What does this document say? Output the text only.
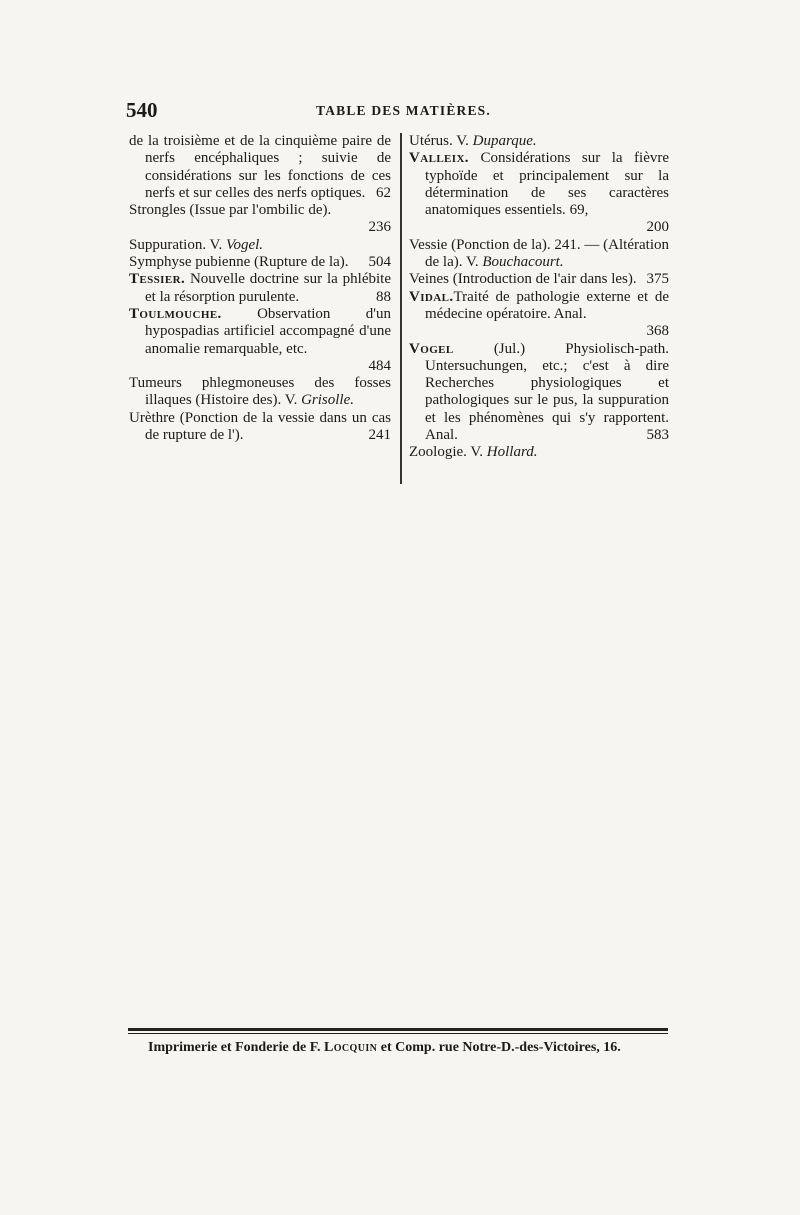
540	TABLE DES MATIÈRES.

de la troisième et de la cinquième paire de nerfs encéphaliques ; suivie de considérations sur les fonctions de ces nerfs et sur celles des nerfs optiques. 62

Strongles (Issue par l'ombilic de).
236

Suppuration. V. Vogel.

Symphyse pubienne (Rupture de la).	504

Tessier. Nouvelle doctrine sur la phlébite et la résorption purulente.	88

Toulmouche. Observation d'un hypospadias artificiel accompagné d'une anomalie remarquable, etc.
484

Tumeurs phlegmoneuses des fosses illaques (Histoire des). V. Grisolle.

Urèthre (Ponction de la vessie dans un cas de rupture de l').	241

Utérus. V. Duparque.

Valleix. Considérations sur la fièvre typhoïde et principalement sur la détermination de ses caractères anatomiques essentiels. 69,
200

Vessie (Ponction de la). 241. — (Altération de la). V. Bouchacourt.

Veines (Introduction de l'air dans les). 375

Vidal.Traité de pathologie externe et de médecine opératoire. Anal.
368

Vogel	(Jul.) Physiolisch-path. Untersuchungen, etc.; c'est à dire Recherches physiologiques et pathologiques sur le pus, la suppuration et les phénomènes qui s'y rapportent. Anal.	583

Zoologie. V. Hollard.

Imprimerie et Fonderie de F. Locquin et Comp. rue Notre-D.-des-Victoires, 16.
